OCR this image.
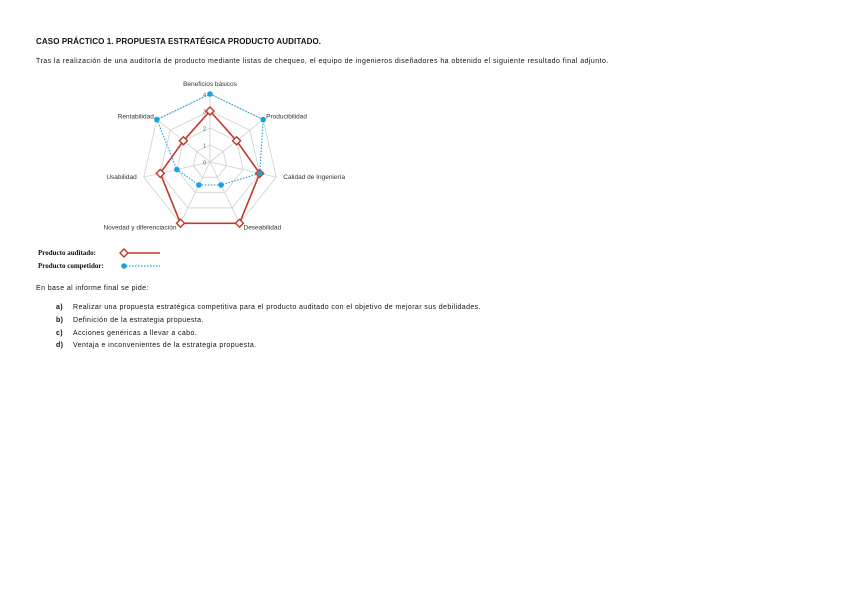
CASO PRÁCTICO 1. PROPUESTA ESTRATÉGICA PRODUCTO AUDITADO.
Tras la realización de una auditoría de producto mediante listas de chequeo, el equipo de ingenieros diseñadores ha obtenido el siguiente resultado final adjunto.
0
1
2
3
4
Beneficios básicos
Producibilidad
Calidad de Ingeniería
Deseabilidad
Novedad y diferenciación
Usabilidad
Rentabilidad
Producto auditado:
Producto competidor:
En base al informe final se pide:
a)	Realizar una propuesta estratégica competitiva para el producto auditado con el objetivo de mejorar sus debilidades.
b)	Definición de la estrategia propuesta.
c)	Acciones genéricas a llevar a cabo.
d)	Ventaja e inconvenientes de la estrategia propuesta.
